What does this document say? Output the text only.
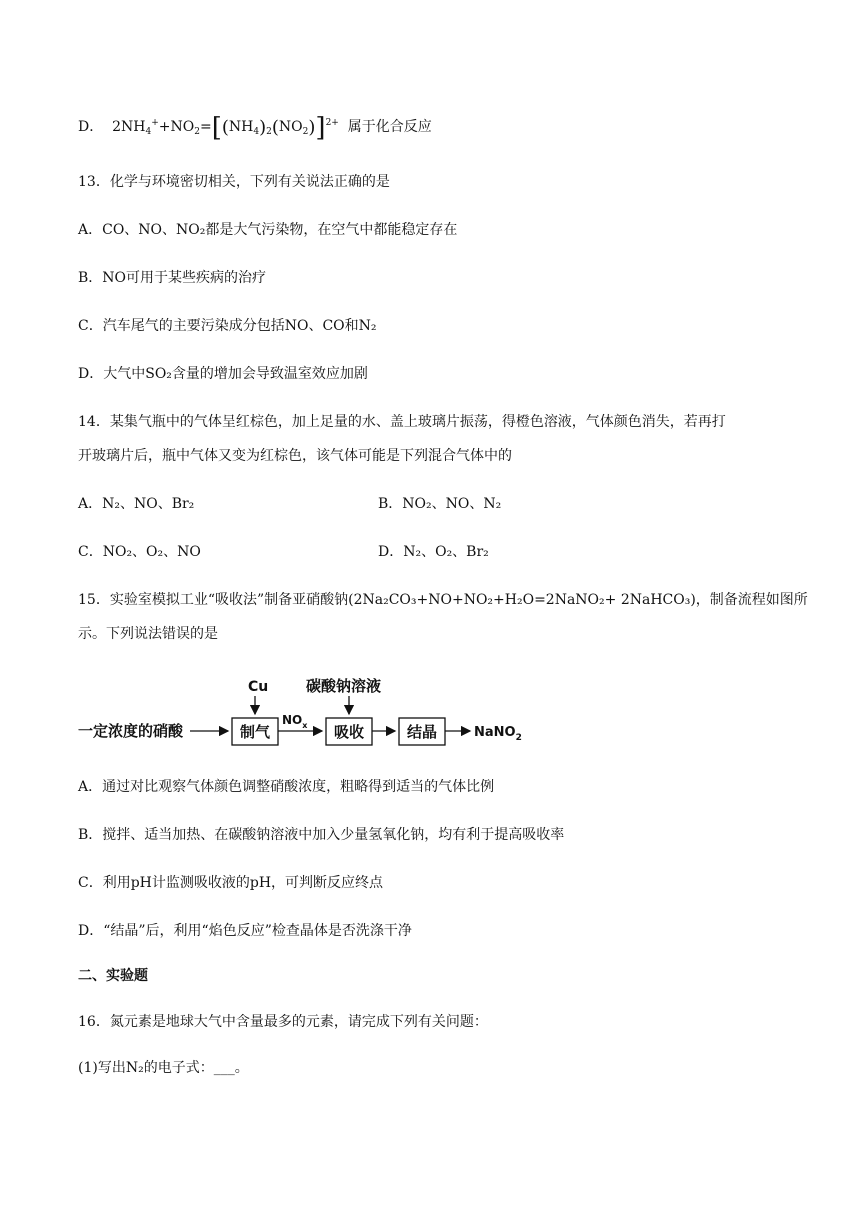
D．  $2NH_4^++NO_2=[(NH_4)_2(NO_2)]^{2+}$ 属于化合反应
13．化学与环境密切相关，下列有关说法正确的是
A．CO、NO、NO₂都是大气污染物，在空气中都能稳定存在
B．NO可用于某些疾病的治疗
C．汽车尾气的主要污染成分包括NO、CO和N₂
D．大气中SO₂含量的增加会导致温室效应加剧
14．某集气瓶中的气体呈红棕色，加上足量的水、盖上玻璃片振荡，得橙色溶液，气体颜色消失，若再打
开玻璃片后，瓶中气体又变为红棕色，该气体可能是下列混合气体中的
A．N₂、NO、Br₂	B．NO₂、NO、N₂
C．NO₂、O₂、NO	D．N₂、O₂、Br₂
15．实验室模拟工业“吸收法”制备亚硝酸钠(2Na₂CO₃+NO+NO₂+H₂O=2NaNO₂+ 2NaHCO₃)，制备流程如图所
示。下列说法错误的是
一定浓度的硝酸	制气
Cu
$NO_x$ 吸收
碳酸钠溶液
结晶	NaNO$_2$
A．通过对比观察气体颜色调整硝酸浓度，粗略得到适当的气体比例
B．搅拌、适当加热、在碳酸钠溶液中加入少量氢氧化钠，均有利于提高吸收率
C．利用pH计监测吸收液的pH，可判断反应终点
D．“结晶”后，利用“焰色反应”检查晶体是否洗涤干净
二、实验题
16．氮元素是地球大气中含量最多的元素，请完成下列有关问题：
(1)写出N₂的电子式：___。
